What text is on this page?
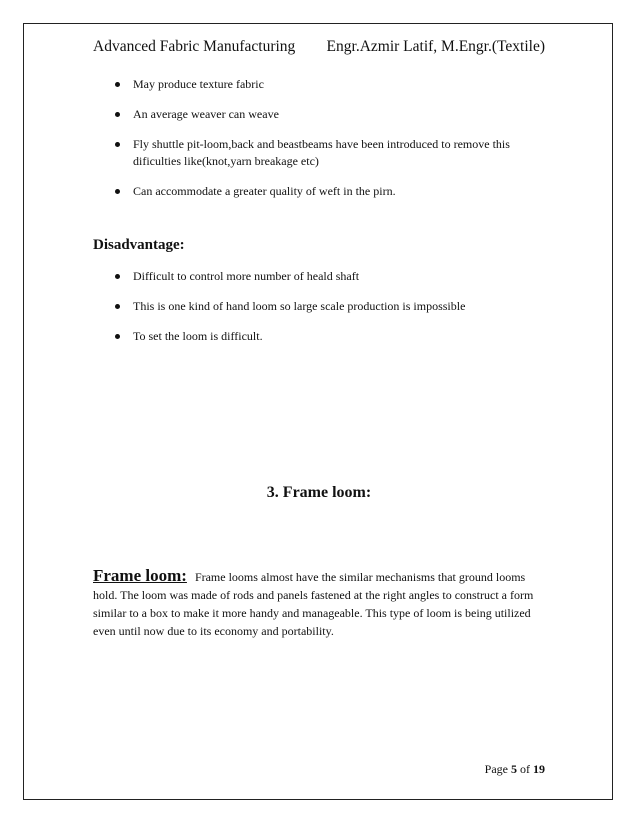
Advanced Fabric Manufacturing Engr.Azmir Latif, M.Engr.(Textile)
May produce texture fabric
An average weaver can weave
Fly shuttle pit-loom,back and beastbeams have been introduced to remove this dificulties like(knot,yarn breakage etc)
Can accommodate a greater quality of weft in the pirn.
Disadvantage:
Difficult to control more number of heald shaft
This is one kind of hand loom so large scale production is impossible
To set the loom is difficult.
3. Frame loom:
Frame loom: Frame looms almost have the similar mechanisms that ground looms hold. The loom was made of rods and panels fastened at the right angles to construct a form similar to a box to make it more handy and manageable. This type of loom is being utilized even until now due to its economy and portability.
Page 5 of 19
